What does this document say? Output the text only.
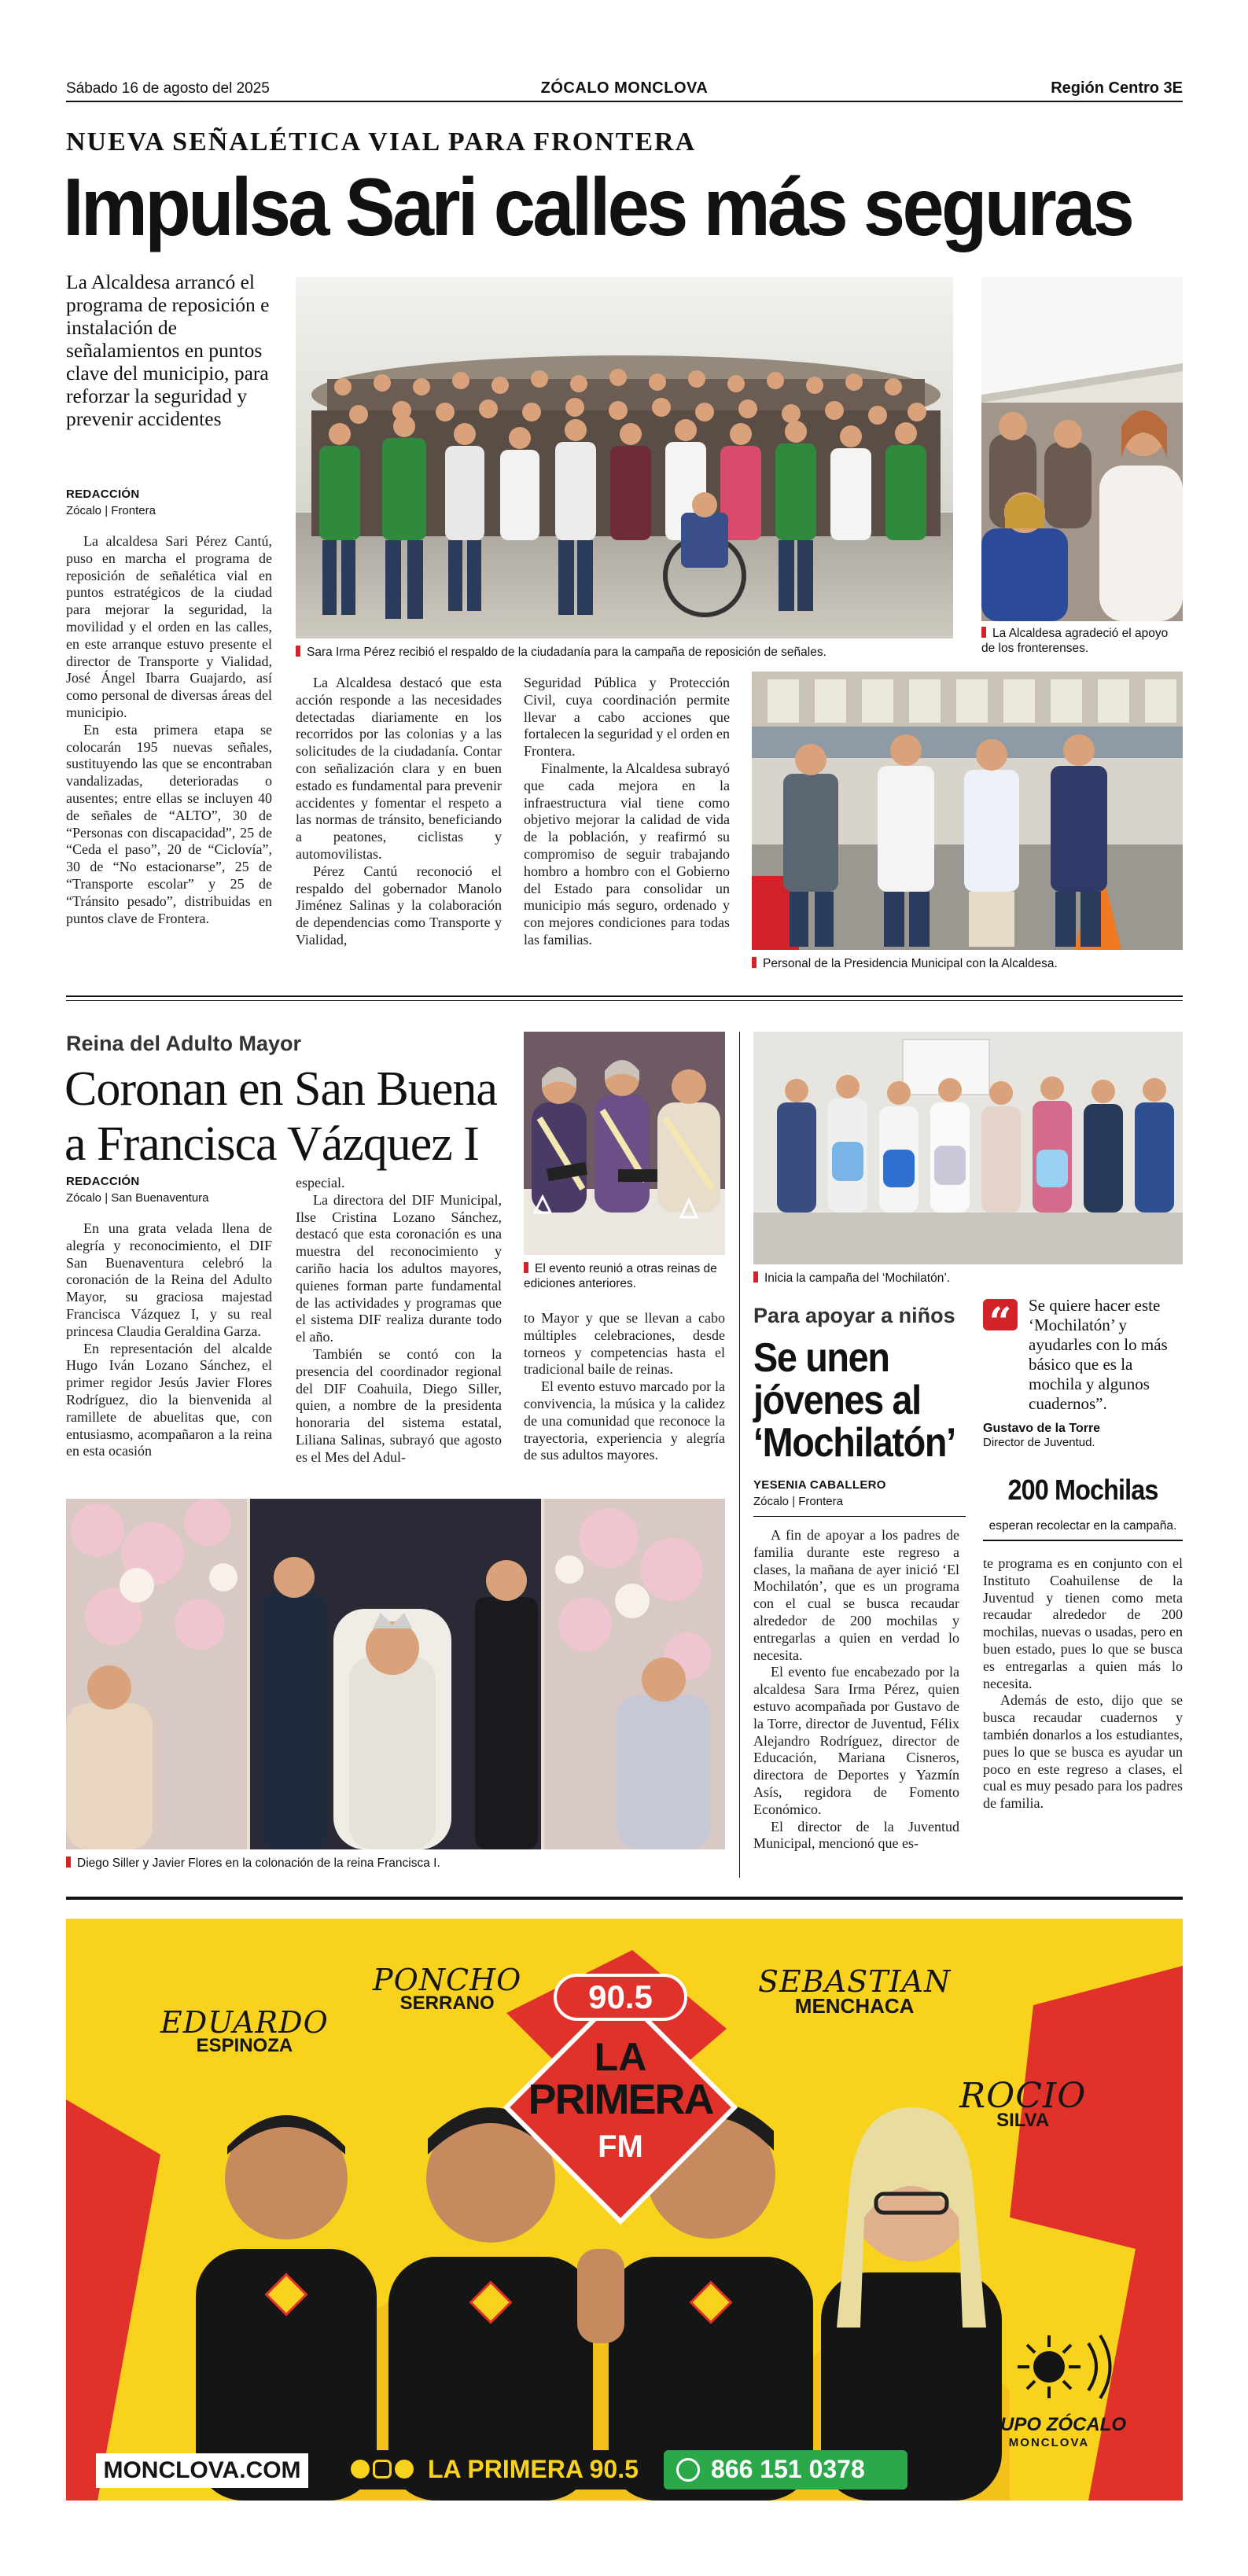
Sábado 16 de agosto del 2025	ZÓCALO MONCLOVA	Región Centro 3E
NUEVA SEÑALÉTICA VIAL PARA FRONTERA
Impulsa Sari calles más seguras
La Alcaldesa arrancó el programa de reposición e instalación de señalamientos en puntos clave del municipio, para reforzar la seguridad y prevenir accidentes
REDACCIÓN
Zócalo | Frontera

La alcaldesa Sari Pérez Cantú, puso en marcha el programa de reposición de señalética vial en puntos estratégicos de la ciudad para mejorar la seguridad, la movilidad y el orden en las calles, en este arranque estuvo presente el director de Transporte y Vialidad, José Ángel Ibarra Guajardo, así como personal de diversas áreas del municipio.

En esta primera etapa se colocarán 195 nuevas señales, sustituyendo las que se encontraban vandalizadas, deterioradas o ausentes; entre ellas se incluyen 40 de señales de “ALTO”, 30 de “Personas con discapacidad”, 25 de “Ceda el paso”, 20 de “Ciclovía”, 30 de “No estacionarse”, 25 de “Transporte escolar” y 25 de “Tránsito pesado”, distribuidas en puntos clave de Frontera.

Sara Irma Pérez recibió el respaldo de la ciudadanía para la campaña de reposición de señales.
La Alcaldesa agradeció el apoyo de los fronterenses.

La Alcaldesa destacó que esta acción responde a las necesidades detectadas diariamente en los recorridos por las colonias y a las solicitudes de la ciudadanía. Contar con señalización clara y en buen estado es fundamental para prevenir accidentes y fomentar el respeto a las normas de tránsito, beneficiando a peatones, ciclistas y automovilistas.

Pérez Cantú reconoció el respaldo del gobernador Manolo Jiménez Salinas y la colaboración de dependencias como Transporte y Vialidad,

Seguridad Pública y Protección Civil, cuya coordinación permite llevar a cabo acciones que fortalecen la seguridad y el orden en Frontera.

Finalmente, la Alcaldesa subrayó que cada mejora en la infraestructura vial tiene como objetivo mejorar la calidad de vida de la población, y reafirmó su compromiso de seguir trabajando hombro a hombro con el Gobierno del Estado para consolidar un municipio más seguro, ordenado y con mejores condiciones para todas las familias.

Personal de la Presidencia Municipal con la Alcaldesa.
Reina del Adulto Mayor
Coronan en San Buena a Francisca Vázquez I
REDACCIÓN
Zócalo | San Buenaventura

En una grata velada llena de alegría y reconocimiento, el DIF San Buenaventura celebró la coronación de la Reina del Adulto Mayor, su graciosa majestad Francisca Vázquez I, y su real princesa Claudia Geraldina Garza.

En representación del alcalde Hugo Iván Lozano Sánchez, el primer regidor Jesús Javier Flores Rodríguez, dio la bienvenida al ramillete de abuelitas que, con entusiasmo, acompañaron a la reina en esta ocasión

especial.

La directora del DIF Municipal, Ilse Cristina Lozano Sánchez, destacó que esta coronación es una muestra del reconocimiento y cariño hacia los adultos mayores, quienes forman parte fundamental de las actividades y programas que el sistema DIF realiza durante todo el año.

También se contó con la presencia del coordinador regional del DIF Coahuila, Diego Siller, quien, a nombre de la presidenta honoraria del sistema estatal, Liliana Salinas, subrayó que agosto es el Mes del Adul-

El evento reunió a otras reinas de ediciones anteriores.

to Mayor y que se llevan a cabo múltiples celebraciones, desde torneos y competencias hasta el tradicional baile de reinas.

El evento estuvo marcado por la convivencia, la música y la calidez de una comunidad que reconoce la trayectoria, experiencia y alegría de sus adultos mayores.

Diego Siller y Javier Flores en la colonación de la reina Francisca I.
Inicia la campaña del ‘Mochilatón’.
Para apoyar a niños
Se unen
jóvenes al
‘Mochilatón’
YESENIA CABALLERO
Zócalo | Frontera
“	Se quiere hacer este ‘Mochilatón’ y ayudarles con lo más básico que es la mochila y algunos cuadernos”.
Gustavo de la Torre
Director de Juventud.
200 Mochilas
esperan recolectar en la campaña.

A fin de apoyar a los padres de familia durante este regreso a clases, la mañana de ayer inició ‘El Mochilatón’, que es un programa con el cual se busca recaudar alrededor de 200 mochilas y entregarlas a quien en verdad lo necesita.

El evento fue encabezado por la alcaldesa Sara Irma Pérez, quien estuvo acompañada por Gustavo de la Torre, director de Juventud, Félix Alejandro Rodríguez, director de Educación, Mariana Cisneros, directora de Deportes y Yazmín Asís, regidora de Fomento Económico.

El director de la Juventud Municipal, mencionó que es-

te programa es en conjunto con el Instituto Coahuilense de la Juventud y tienen como meta recaudar alrededor de 200 mochilas, nuevas o usadas, pero en buen estado, pues lo que se busca es entregarlas a quien más lo necesita.

Además de esto, dijo que se busca recaudar cuadernos y también donarlos a los estudiantes, pues lo que se busca es ayudar un poco en este regreso a clases, el cual es muy pesado para los padres de familia.

EDUARDO
ESPINOZA
PONCHO
SERRANO
SEBASTIAN
MENCHACA
ROCIO
SILVA
90.5
LA
PRIMERA
FM
MONCLOVA.COM	LA PRIMERA 90.5	866 151 0378
GRUPO ZÓCALO
MONCLOVA
